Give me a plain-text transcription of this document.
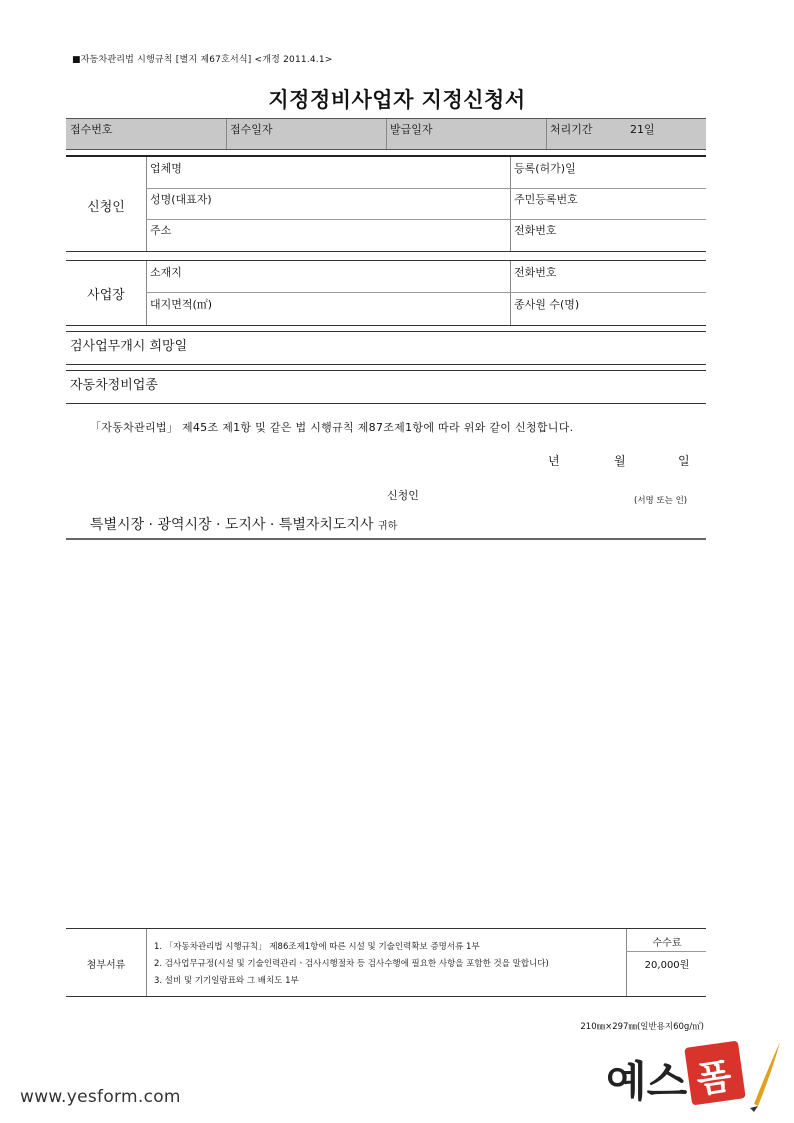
■자동차관리법 시행규칙 [별지 제67호서식] <개정 2011.4.1>
지정정비사업자 지정신청서
접수번호	접수일자	발급일자	처리기간	21일
신청인
업체명	등록(허가)일
성명(대표자)	주민등록번호
주소	전화번호
사업장
소재지	전화번호
대지면적(㎡)	종사원 수(명)
검사업무개시 희망일
자동차정비업종
「자동차관리법」 제45조 제1항 및 같은 법 시행규칙 제87조제1항에 따라 위와 같이 신청합니다.
년	월	일
신청인	(서명 또는 인)
특별시장 · 광역시장 · 도지사 · 특별자치도지사 귀하
첨부서류
1. 「자동차관리법 시행규칙」 제86조제1항에 따른 시설 및 기술인력확보 증명서류 1부
2. 검사업무규정(시설 및 기술인력관리ㆍ검사시행절차 등 검사수행에 필요한 사항을 포함한 것을 말합니다)
3. 설비 및 기기일람표와 그 배치도 1부
수수료
20,000원
210㎜×297㎜(일반용지60g/㎡)
www.yesform.com	예스 폼
